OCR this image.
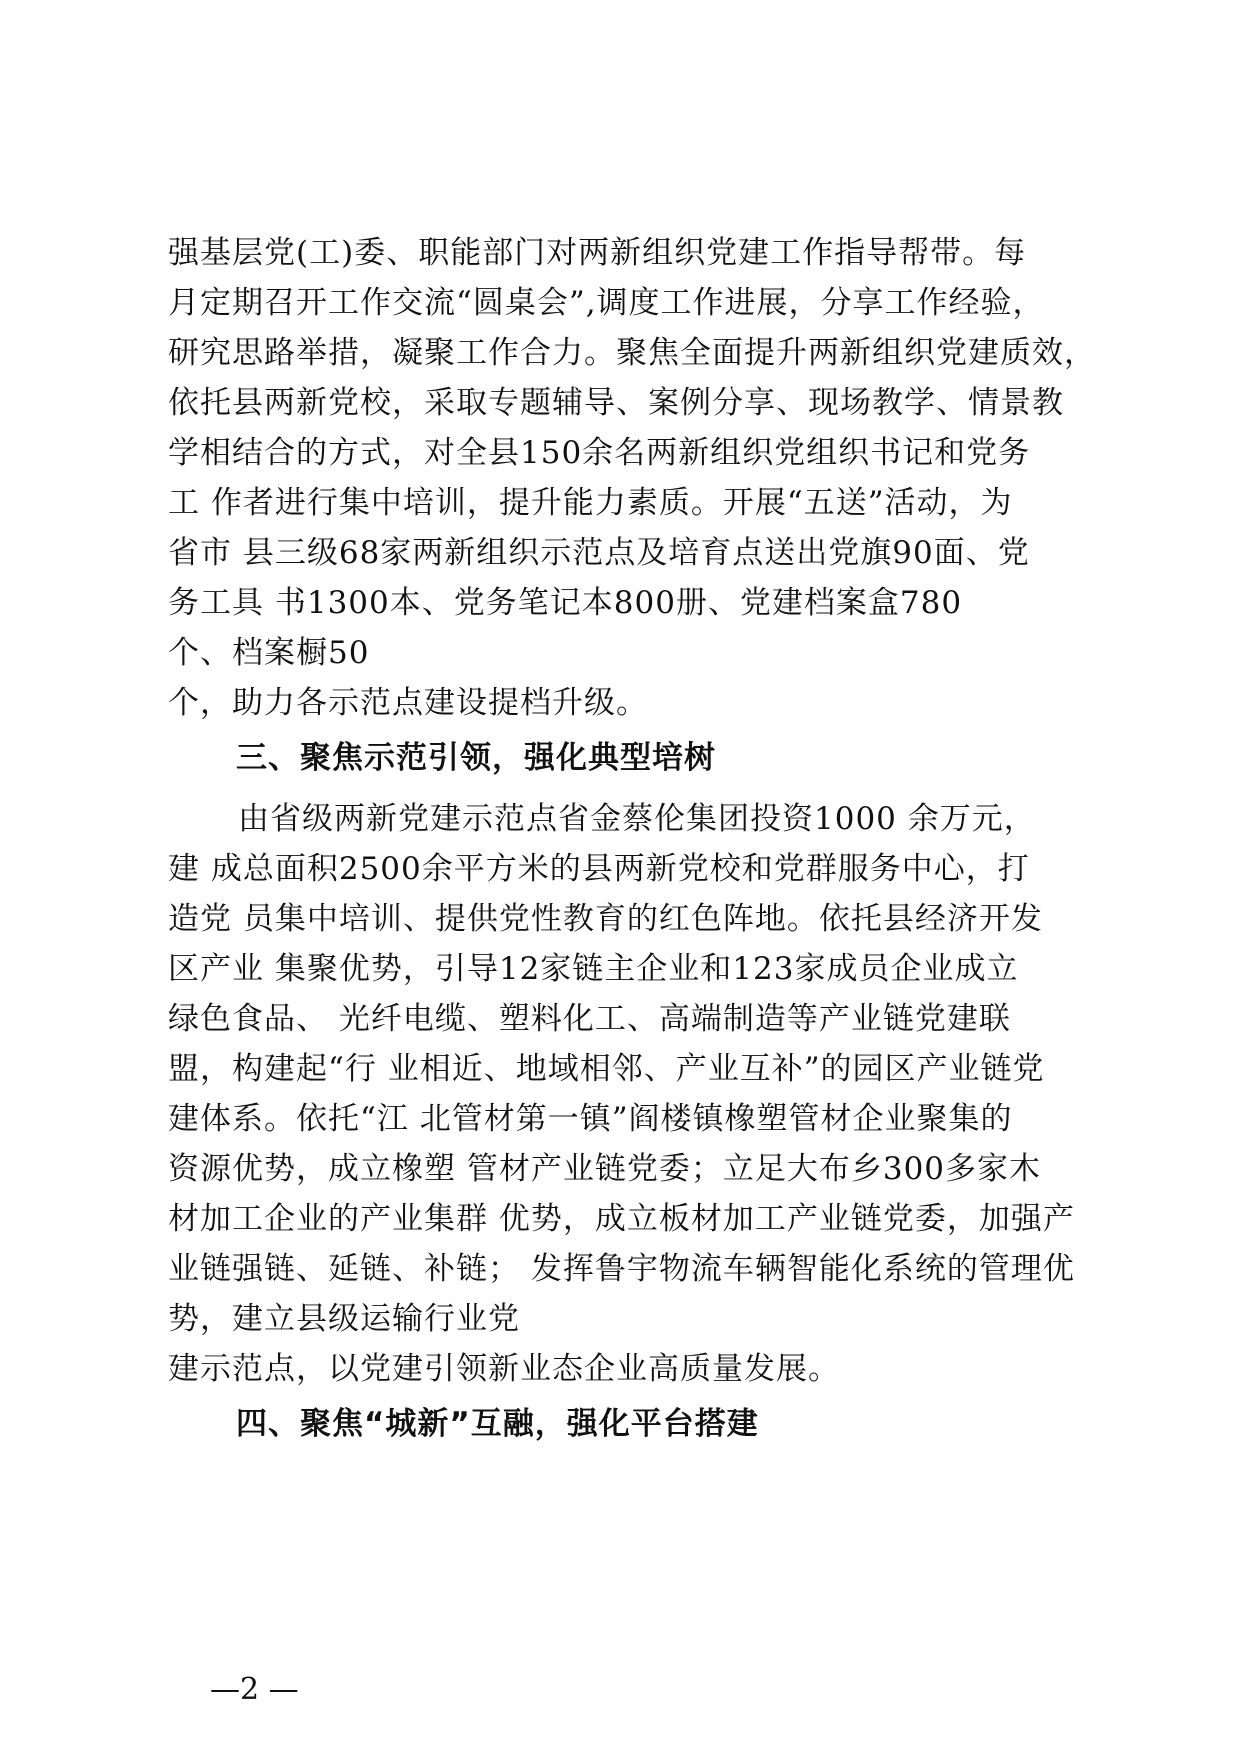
强基层党(工)委、职能部门对两新组织党建工作指导帮带。每
月定期召开工作交流“圆桌会”,调度工作进展，分享工作经验，
研究思路举措，凝聚工作合力。聚焦全面提升两新组织党建质效，
依托县两新党校，采取专题辅导、案例分享、现场教学、情景教
学相结合的方式，对全县150余名两新组织党组织书记和党务
工 作者进行集中培训，提升能力素质。开展“五送”活动，为
省市 县三级68家两新组织示范点及培育点送出党旗90面、党
务工具 书1300本、党务笔记本800册、党建档案盒780
个、档案橱50
个，助力各示范点建设提档升级。
三、聚焦示范引领，强化典型培树
由省级两新党建示范点省金蔡伦集团投资1000 余万元，
建 成总面积2500余平方米的县两新党校和党群服务中心，打
造党 员集中培训、提供党性教育的红色阵地。依托县经济开发
区产业 集聚优势，引导12家链主企业和123家成员企业成立
绿色食品、 光纤电缆、塑料化工、高端制造等产业链党建联
盟，构建起“行 业相近、地域相邻、产业互补”的园区产业链党
建体系。依托“江 北管材第一镇”阎楼镇橡塑管材企业聚集的
资源优势，成立橡塑 管材产业链党委；立足大布乡300多家木
材加工企业的产业集群 优势，成立板材加工产业链党委，加强产
业链强链、延链、补链； 发挥鲁宇物流车辆智能化系统的管理优
势，建立县级运输行业党
建示范点，以党建引领新业态企业高质量发展。
四、聚焦“城新”互融，强化平台搭建
—2 —
